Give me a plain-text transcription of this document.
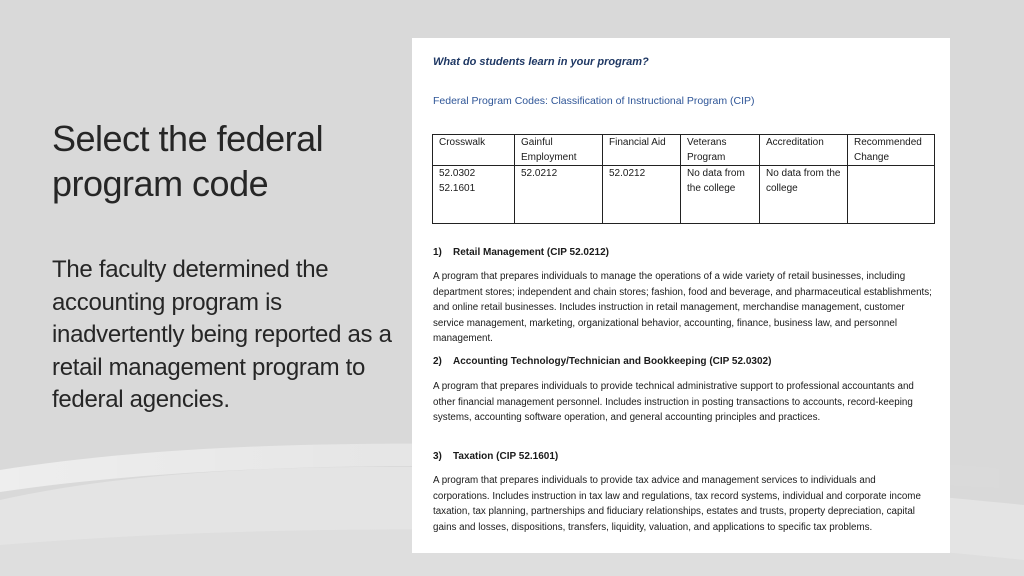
Select the federal program code
The faculty determined the accounting program is inadvertently being reported as a retail management program to federal agencies.
What do students learn in your program?
Federal Program Codes: Classification of Instructional Program (CIP)
Crosswalk	Gainful Employment	Financial Aid	Veterans Program	Accreditation	Recommended Change
52.0302 52.1601	52.0212	52.0212	No data from the college	No data from the college	
1) Retail Management (CIP 52.0212)
A program that prepares individuals to manage the operations of a wide variety of retail businesses, including department stores; independent and chain stores; fashion, food and beverage, and pharmaceutical establishments; and online retail businesses. Includes instruction in retail management, merchandise management, customer service management, marketing, organizational behavior, accounting, finance, business law, and personnel management.
2) Accounting Technology/Technician and Bookkeeping (CIP 52.0302)
A program that prepares individuals to provide technical administrative support to professional accountants and other financial management personnel. Includes instruction in posting transactions to accounts, record-keeping systems, accounting software operation, and general accounting principles and practices.
3) Taxation (CIP 52.1601)
A program that prepares individuals to provide tax advice and management services to individuals and corporations. Includes instruction in tax law and regulations, tax record systems, individual and corporate income taxation, tax planning, partnerships and fiduciary relationships, estates and trusts, property depreciation, capital gains and losses, dispositions, transfers, liquidity, valuation, and applications to specific tax problems.
